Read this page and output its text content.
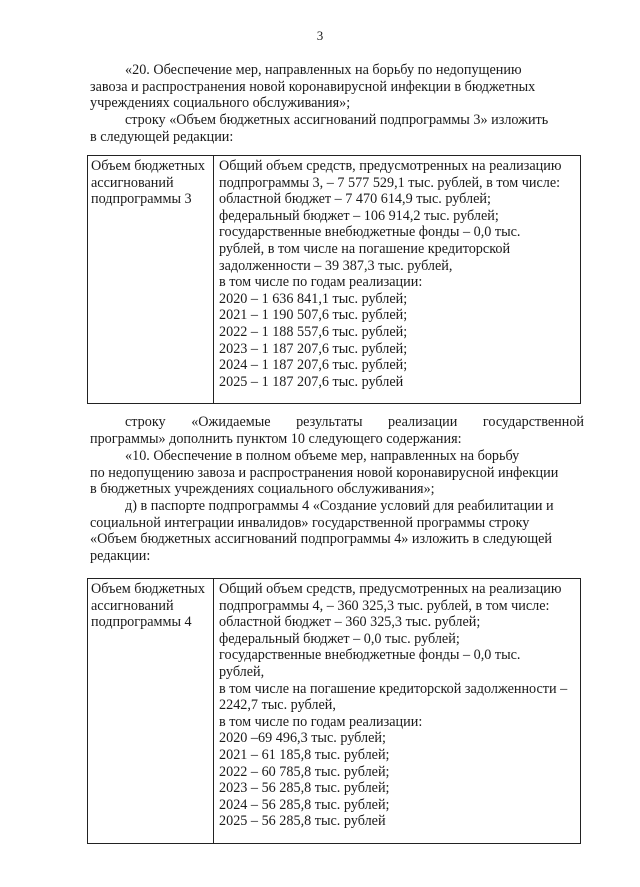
3
«20. Обеспечение мер, направленных на борьбу по недопущению
завоза и распространения новой коронавирусной инфекции в бюджетных
учреждениях социального обслуживания»;
строку «Объем бюджетных ассигнований подпрограммы 3» изложить
в следующей редакции:
Объем бюджетных
ассигнований
подпрограммы 3
Общий объем средств, предусмотренных на реализацию
подпрограммы 3, – 7 577 529,1 тыс. рублей, в том числе:
областной бюджет – 7 470 614,9 тыс. рублей;
федеральный бюджет – 106 914,2 тыс. рублей;
государственные внебюджетные фонды – 0,0 тыс.
рублей, в том числе на погашение кредиторской
задолженности – 39 387,3 тыс. рублей,
в том числе по годам реализации:
2020 – 1 636 841,1 тыс. рублей;
2021 – 1 190 507,6 тыс. рублей;
2022 – 1 188 557,6 тыс. рублей;
2023 – 1 187 207,6 тыс. рублей;
2024 – 1 187 207,6 тыс. рублей;
2025 – 1 187 207,6 тыс. рублей
строку «Ожидаемые результаты реализации государственной
программы» дополнить пунктом 10 следующего содержания:
«10. Обеспечение в полном объеме мер, направленных на борьбу
по недопущению завоза и распространения новой коронавирусной инфекции
в бюджетных учреждениях социального обслуживания»;
д) в паспорте подпрограммы 4 «Создание условий для реабилитации и
социальной интеграции инвалидов» государственной программы строку
«Объем бюджетных ассигнований подпрограммы 4» изложить в следующей
редакции:
Объем бюджетных
ассигнований
подпрограммы 4
Общий объем средств, предусмотренных на реализацию
подпрограммы 4, – 360 325,3 тыс. рублей, в том числе:
областной бюджет – 360 325,3 тыс. рублей;
федеральный бюджет – 0,0 тыс. рублей;
государственные внебюджетные фонды – 0,0 тыс.
рублей,
в том числе на погашение кредиторской задолженности –
2242,7 тыс. рублей,
в том числе по годам реализации:
2020 –69 496,3 тыс. рублей;
2021 – 61 185,8 тыс. рублей;
2022 – 60 785,8 тыс. рублей;
2023 – 56 285,8 тыс. рублей;
2024 – 56 285,8 тыс. рублей;
2025 – 56 285,8 тыс. рублей
